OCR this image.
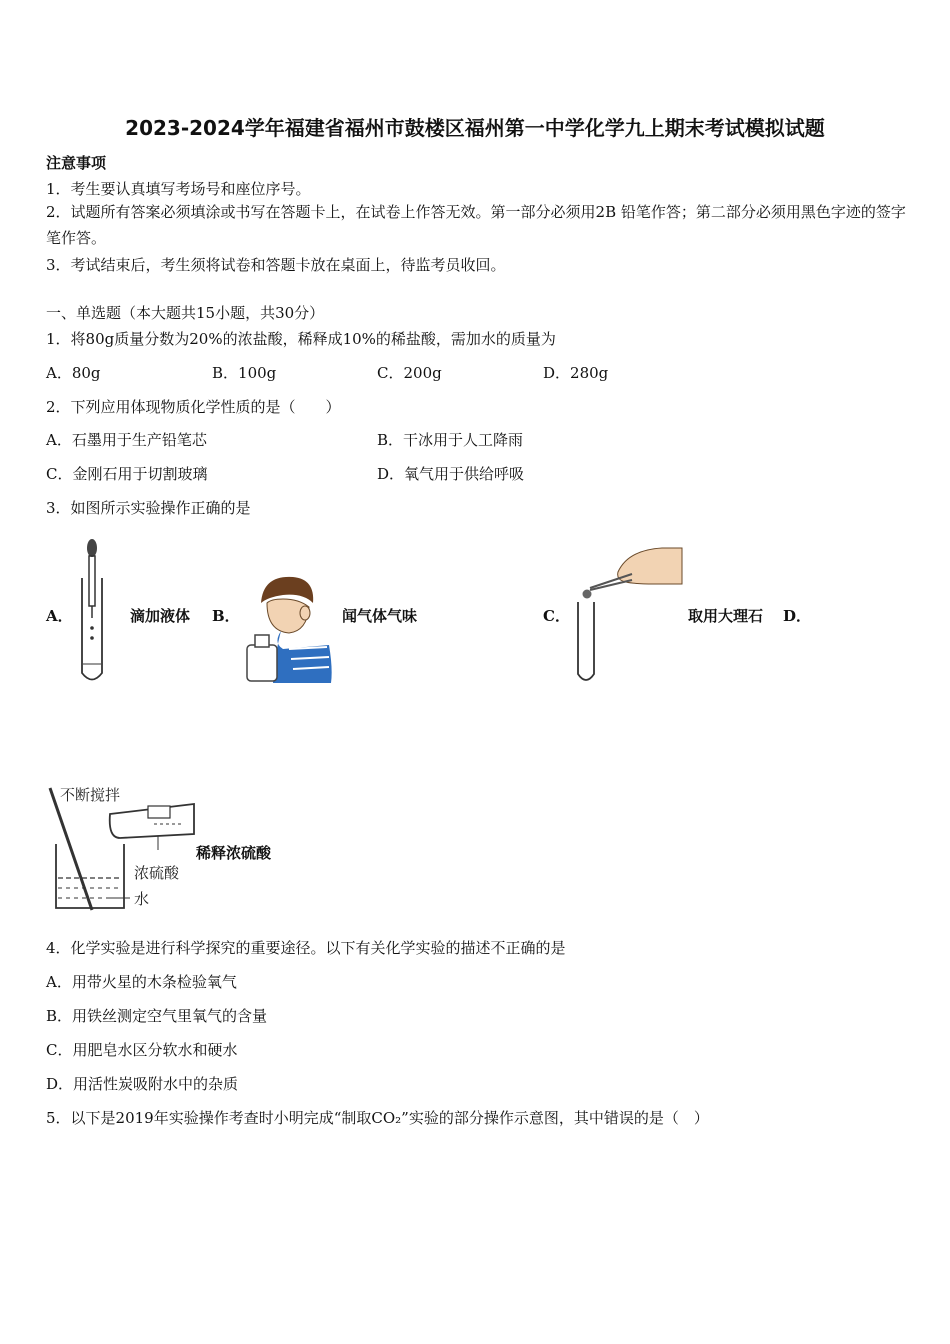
2023-2024学年福建省福州市鼓楼区福州第一中学化学九上期末考试模拟试题
注意事项
1．考生要认真填写考场号和座位序号。
2．试题所有答案必须填涂或书写在答题卡上，在试卷上作答无效。第一部分必须用2B 铅笔作答；第二部分必须用黑色字迹的签字笔作答。
3．考试结束后，考生须将试卷和答题卡放在桌面上，待监考员收回。
一、单选题（本大题共15小题，共30分）
1．将80g质量分数为20%的浓盐酸，稀释成10%的稀盐酸，需加水的质量为
A．80g	B．100g	C．200g	D．280g
2．下列应用体现物质化学性质的是（　　）
A．石墨用于生产铅笔芯	B．干冰用于人工降雨
C．金刚石用于切割玻璃	D．氧气用于供给呼吸
3．如图所示实验操作正确的是
A．	滴加液体 B．	闻气体气味	C．	取用大理石 D．
不断搅拌
浓硫酸
水
稀释浓硫酸
4．化学实验是进行科学探究的重要途径。以下有关化学实验的描述不正确的是
A．用带火星的木条检验氧气
B．用铁丝测定空气里氧气的含量
C．用肥皂水区分软水和硬水
D．用活性炭吸附水中的杂质
5．以下是2019年实验操作考查时小明完成“制取CO₂”实验的部分操作示意图，其中错误的是（　）
